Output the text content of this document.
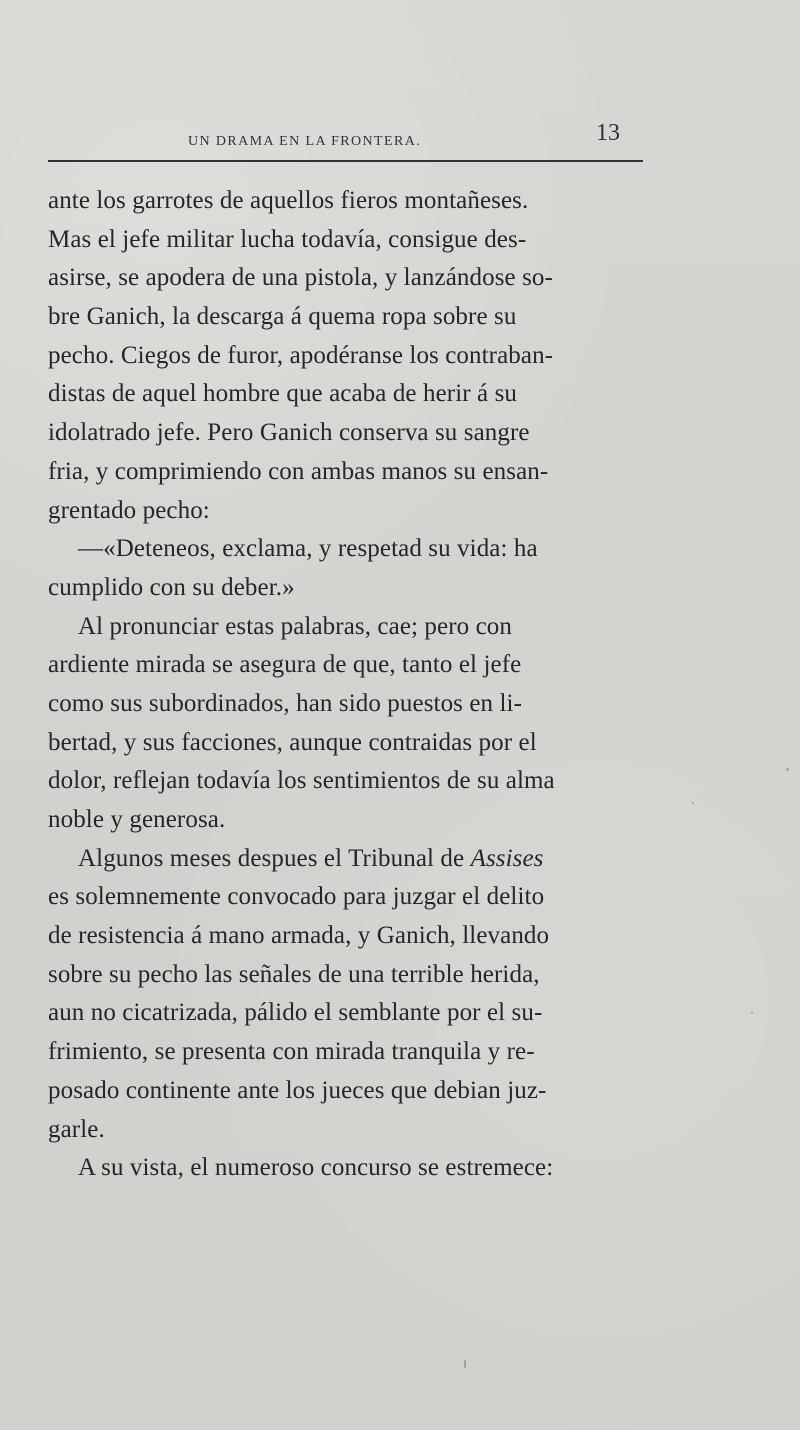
UN DRAMA EN LA FRONTERA.	13
ante los garrotes de aquellos fieros montañeses.
Mas el jefe militar lucha todavía, consigue des-
asirse, se apodera de una pistola, y lanzándose so-
bre Ganich, la descarga á quema ropa sobre su
pecho. Ciegos de furor, apodéranse los contraban-
distas de aquel hombre que acaba de herir á su
idolatrado jefe. Pero Ganich conserva su sangre
fria, y comprimiendo con ambas manos su ensan-
grentado pecho:
—«Deteneos, exclama, y respetad su vida: ha
cumplido con su deber.»
Al pronunciar estas palabras, cae; pero con
ardiente mirada se asegura de que, tanto el jefe
como sus subordinados, han sido puestos en li-
bertad, y sus facciones, aunque contraidas por el
dolor, reflejan todavía los sentimientos de su alma
noble y generosa.
Algunos meses despues el Tribunal de Assises
es solemnemente convocado para juzgar el delito
de resistencia á mano armada, y Ganich, llevando
sobre su pecho las señales de una terrible herida,
aun no cicatrizada, pálido el semblante por el su-
frimiento, se presenta con mirada tranquila y re-
posado continente ante los jueces que debian juz-
garle.
A su vista, el numeroso concurso se estremece:
